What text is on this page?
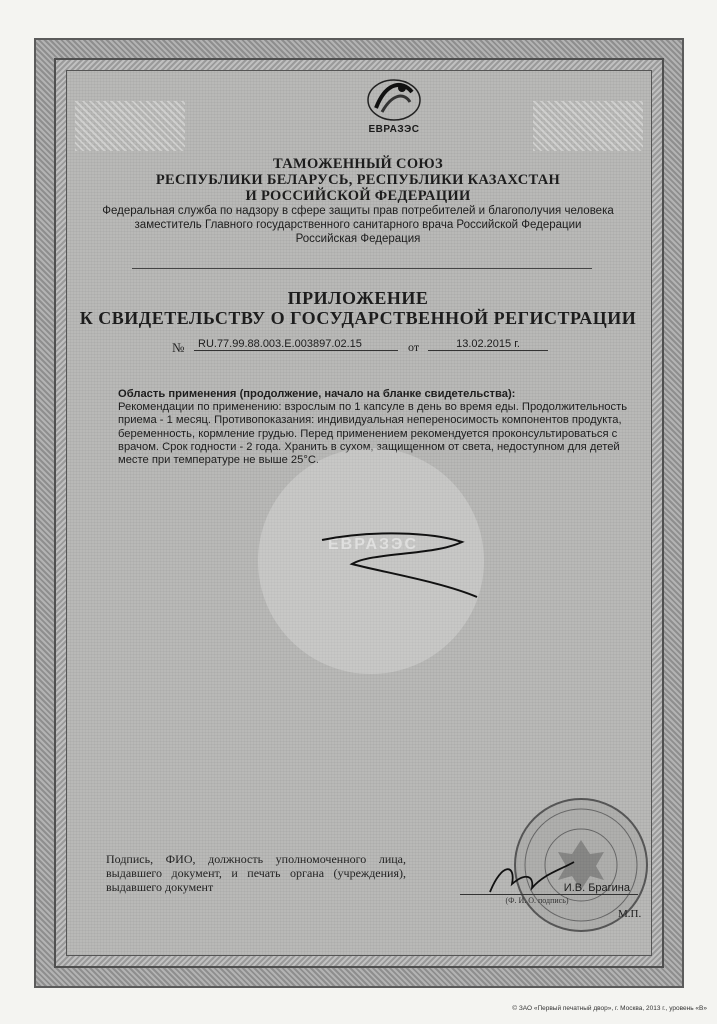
ЕВРАЗЭС
ТАМОЖЕННЫЙ СОЮЗ
РЕСПУБЛИКИ БЕЛАРУСЬ, РЕСПУБЛИКИ КАЗАХСТАН
И РОССИЙСКОЙ ФЕДЕРАЦИИ
Федеральная служба по надзору в сфере защиты прав потребителей и благополучия человека
заместитель Главного государственного санитарного врача Российской Федерации
Российская Федерация
ПРИЛОЖЕНИЕ
К СВИДЕТЕЛЬСТВУ О ГОСУДАРСТВЕННОЙ РЕГИСТРАЦИИ
№	RU.77.99.88.003.Е.003897.02.15	от	13.02.2015 г.
Область применения (продолжение, начало на бланке свидетельства):
Рекомендации по применению: взрослым по 1 капсуле в день во время еды. Продолжительность приема - 1 месяц. Противопоказания: индивидуальная непереносимость компонентов продукта, беременность, кормление грудью. Перед применением рекомендуется проконсультироваться с врачом. Срок годности - 2 года. Хранить в сухом, защищенном от света, недоступном для детей месте при температуре не выше 25°С.
ЕВРАЗЭС
Подпись, ФИО, должность уполномоченного лица, выдавшего документ, и печать органа (учреждения), выдавшего документ	И.В. Брагина
(Ф. И. О. подпись)
М.П.
© ЗАО «Первый печатный двор», г. Москва, 2013 г., уровень «В»
